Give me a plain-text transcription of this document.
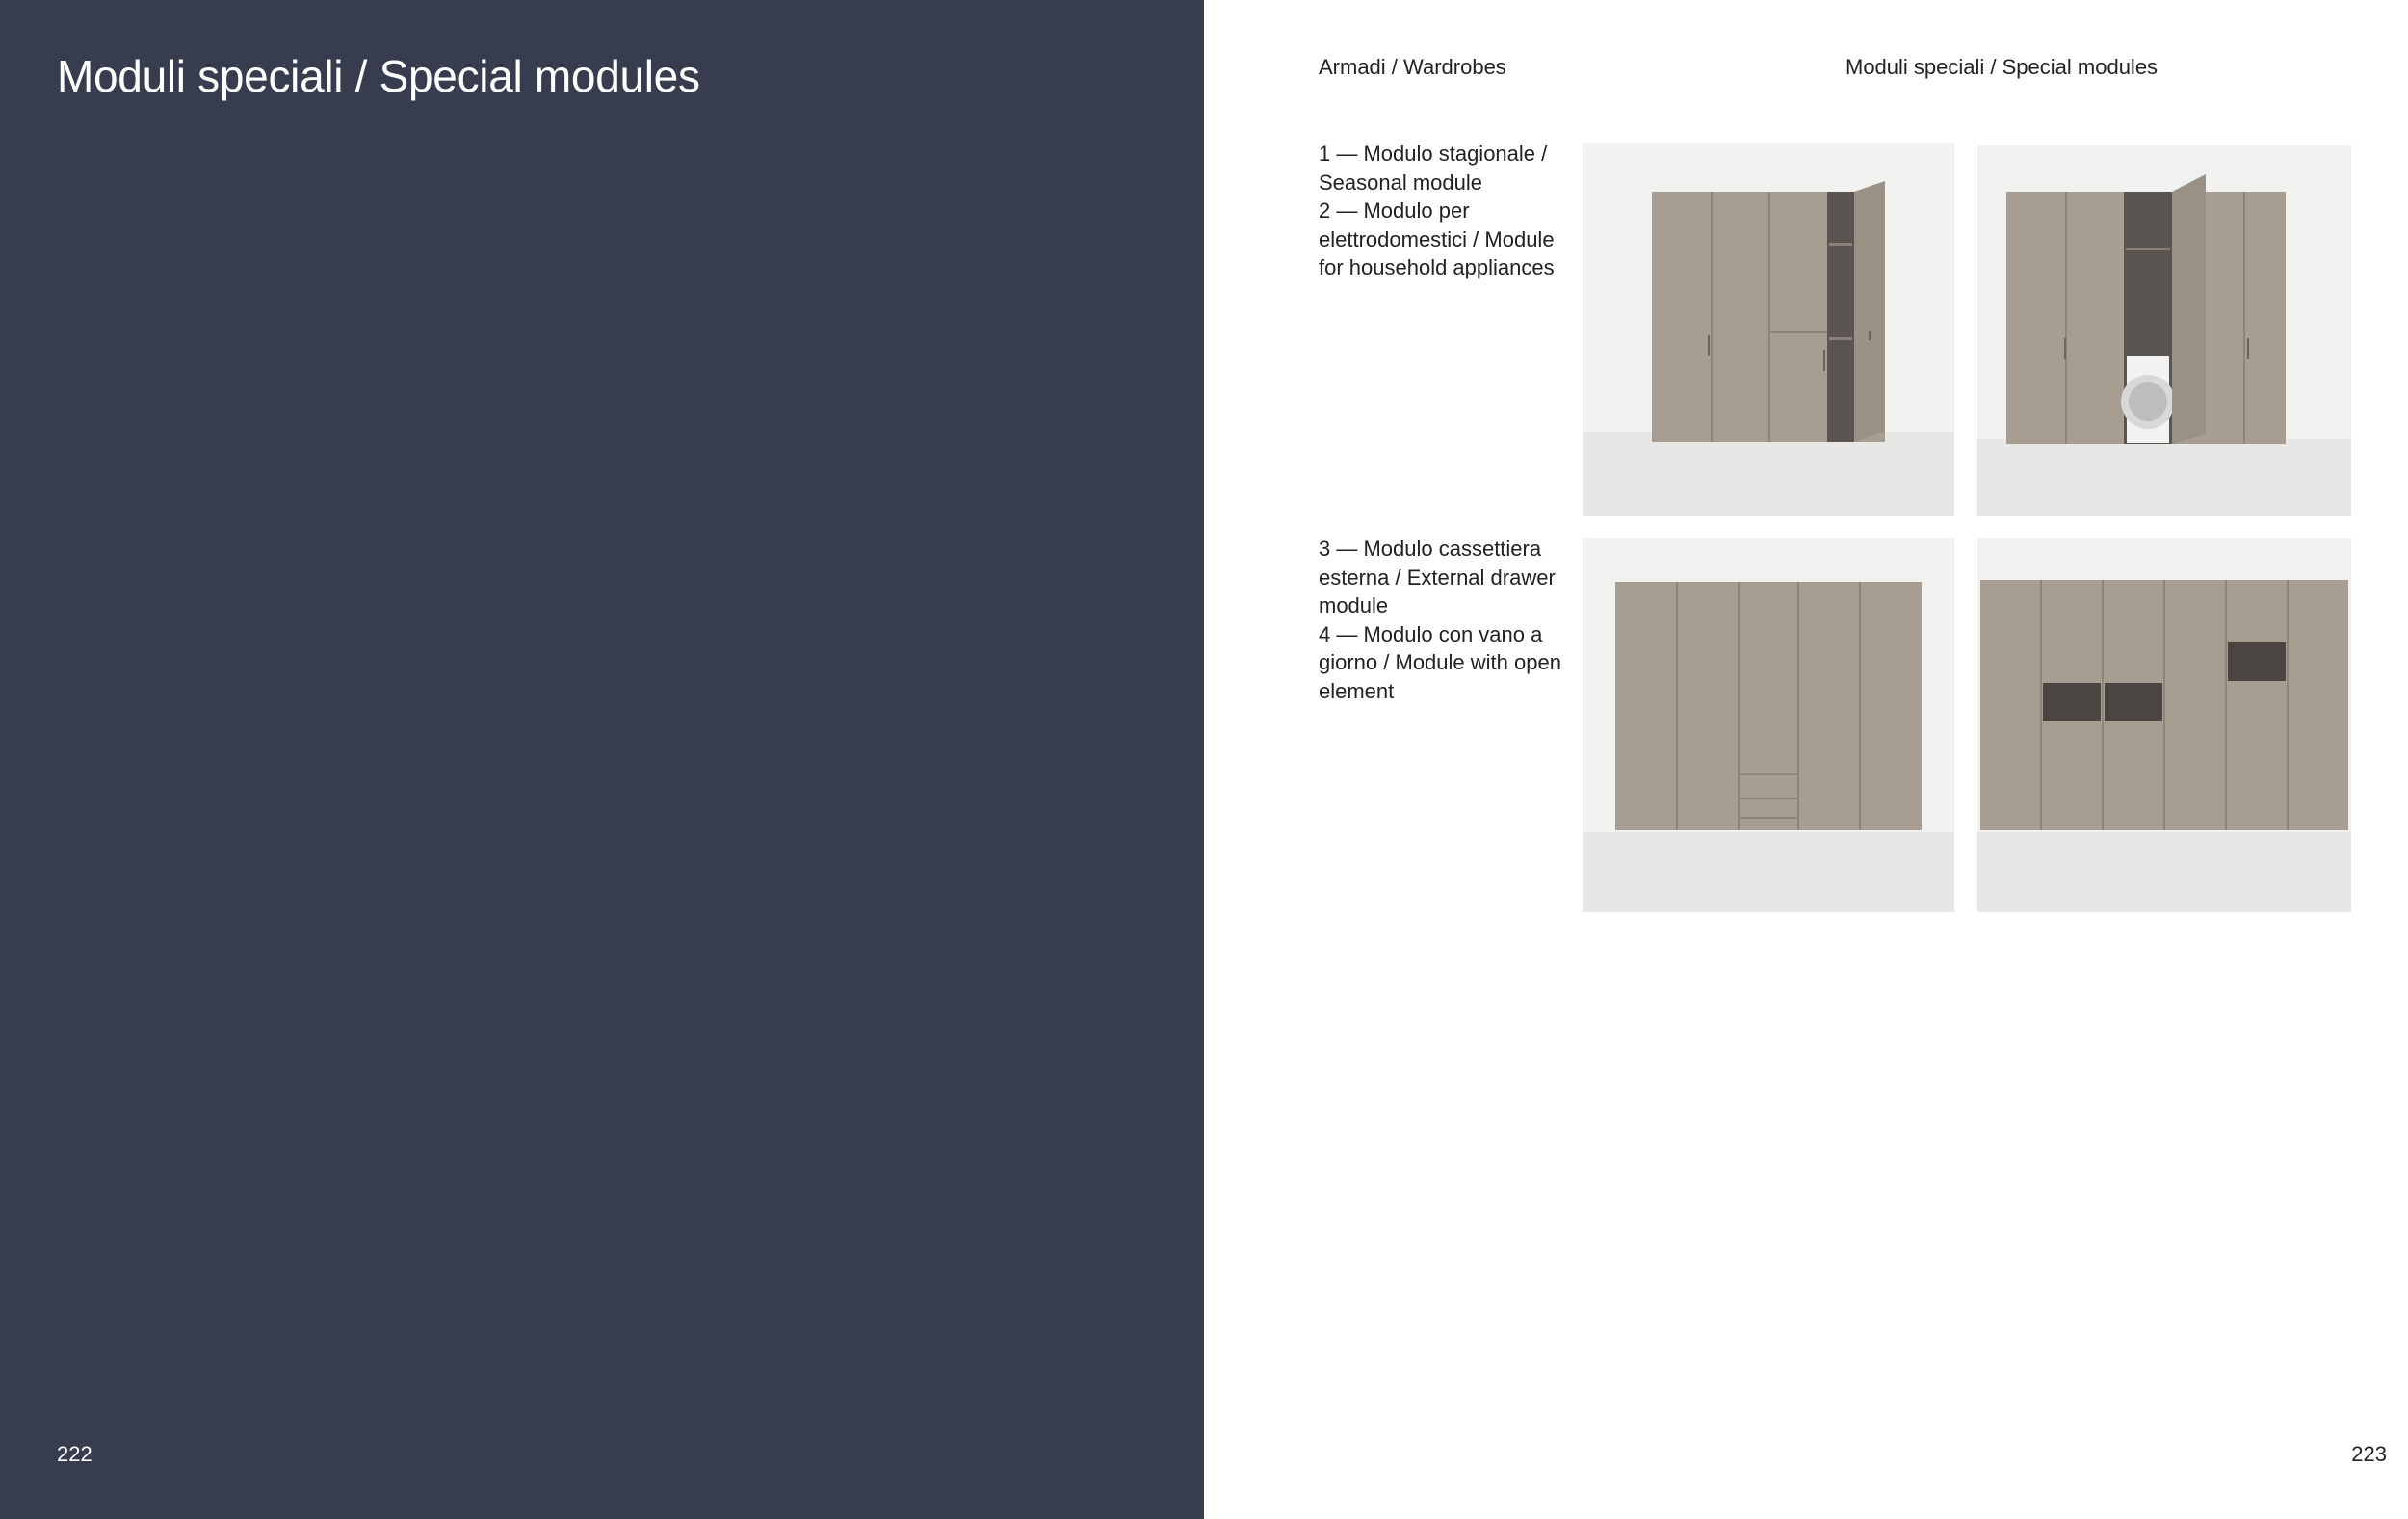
Moduli speciali / Special modules
222
Armadi / Wardrobes	Moduli speciali / Special modules

1 — Modulo stagionale / Seasonal module

2 — Modulo per elettrodomestici / Module for household appliances

3 — Modulo cassettiera esterna / External drawer module

4 — Modulo con vano a giorno / Module with open element

223
